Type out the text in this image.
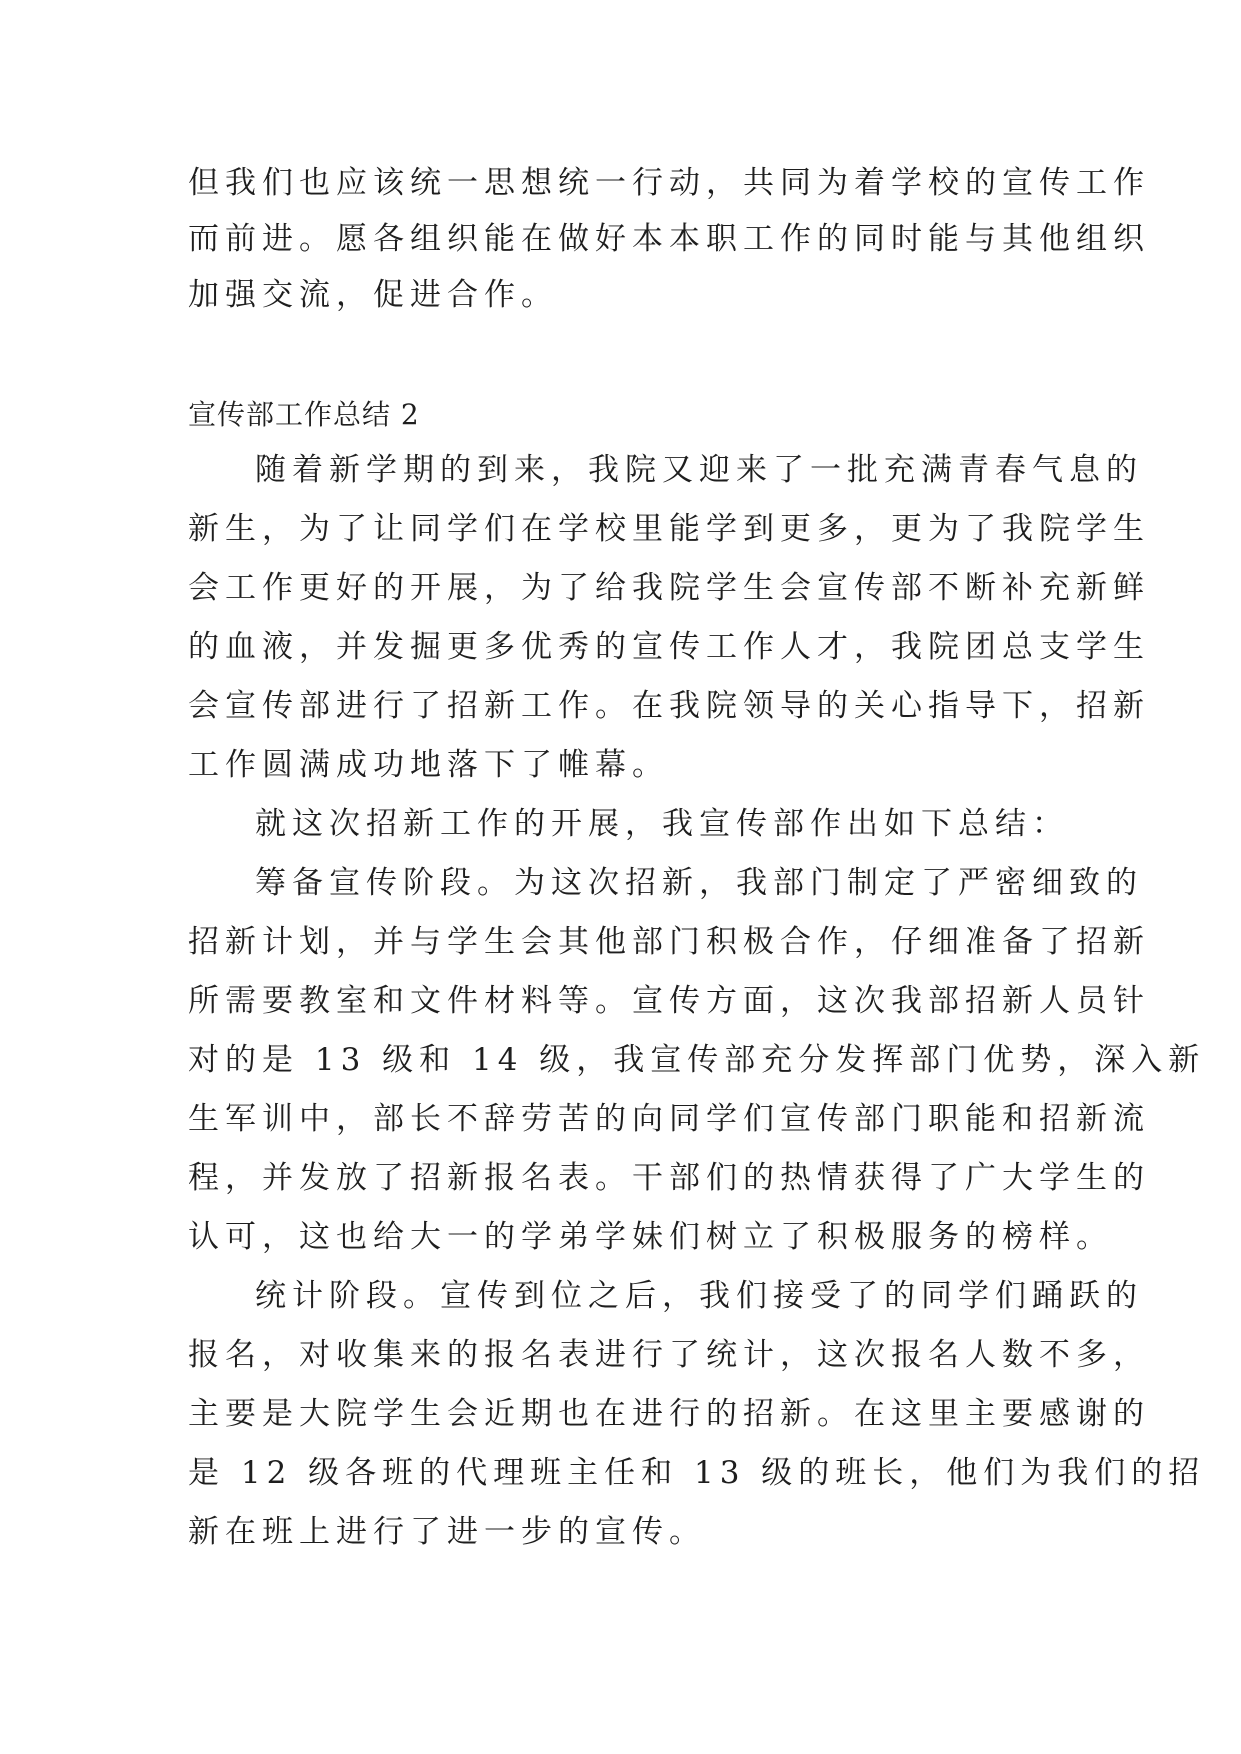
但我们也应该统一思想统一行动，共同为着学校的宣传工作
而前进。愿各组织能在做好本本职工作的同时能与其他组织
加强交流，促进合作。
宣传部工作总结 2
随着新学期的到来，我院又迎来了一批充满青春气息的
新生，为了让同学们在学校里能学到更多，更为了我院学生
会工作更好的开展，为了给我院学生会宣传部不断补充新鲜
的血液，并发掘更多优秀的宣传工作人才，我院团总支学生
会宣传部进行了招新工作。在我院领导的关心指导下，招新
工作圆满成功地落下了帷幕。
就这次招新工作的开展，我宣传部作出如下总结：
筹备宣传阶段。为这次招新，我部门制定了严密细致的
招新计划，并与学生会其他部门积极合作，仔细准备了招新
所需要教室和文件材料等。宣传方面，这次我部招新人员针
对的是 13 级和 14 级，我宣传部充分发挥部门优势，深入新
生军训中，部长不辞劳苦的向同学们宣传部门职能和招新流
程，并发放了招新报名表。干部们的热情获得了广大学生的
认可，这也给大一的学弟学妹们树立了积极服务的榜样。
统计阶段。宣传到位之后，我们接受了的同学们踊跃的
报名，对收集来的报名表进行了统计，这次报名人数不多，
主要是大院学生会近期也在进行的招新。在这里主要感谢的
是 12 级各班的代理班主任和 13 级的班长，他们为我们的招
新在班上进行了进一步的宣传。
